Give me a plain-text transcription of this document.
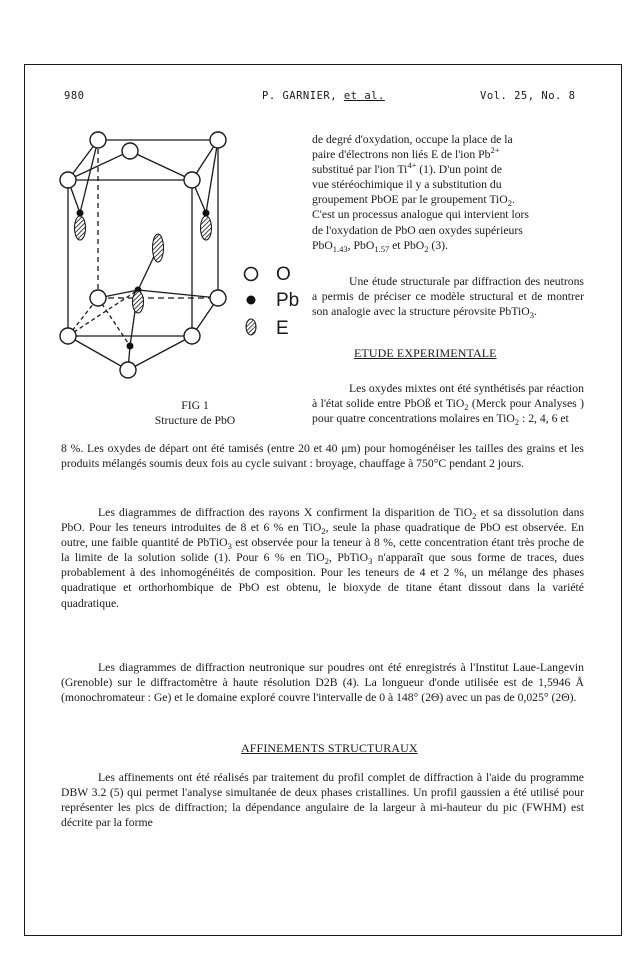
980	P. GARNIER, et al.	Vol. 25, No. 8
O
Pb
E
FIG 1
Structure de PbO
de degré d'oxydation, occupe la place de la
paire d'électrons non liés E de l'ion $Pb^{2+}$
substitué par l'ion $Ti^{4+}$ (1). D'un point de
vue stéréochimique il y a substitution du
groupement PbOE par le groupement TiO$_2$.
C'est un processus analogue qui intervient lors
de l'oxydation de PbO αen oxydes supérieurs
PbO$_{1.43}$, PbO$_{1.57}$ et PbO$_2$ (3).
Une étude structurale par diffraction des neutrons a permis de préciser ce modèle structural et de montrer son analogie avec la structure pérovsite PbTiO$_3$.
ETUDE EXPERIMENTALE
Les oxydes mixtes ont été synthétisés par réaction à l'état solide entre PbOß et TiO$_2$ (Merck pour Analyses ) pour quatre concentrations molaires en TiO$_2$ : 2, 4, 6 et
8 %. Les oxydes de départ ont été tamisés (entre 20 et 40 μm) pour homogénéiser les tailles des grains et les produits mélangés soumis deux fois au cycle suivant : broyage, chauffage à 750°C pendant 2 jours.
Les diagrammes de diffraction des rayons X confirment la disparition de TiO$_2$ et sa dissolution dans PbO. Pour les teneurs introduites de 8 et 6 % en TiO$_2$, seule la phase quadratique de PbO est observée. En outre, une faible quantité de PbTiO$_3$ est observée pour la teneur à 8 %, cette concentration étant très proche de la limite de la solution solide (1). Pour 6 % en TiO$_2$, PbTiO$_3$ n'apparaît que sous forme de traces, dues probablement à des inhomogénéités de composition. Pour les teneurs de 4 et 2 %, un mélange des phases quadratique et orthorhombique de PbO est obtenu, le bioxyde de titane étant dissout dans la variété quadratique.
Les diagrammes de diffraction neutronique sur poudres ont été enregistrés à l'Institut Laue-Langevin (Grenoble) sur le diffractomètre à haute résolution D2B (4). La longueur d'onde utilisée est de 1,5946 Å (monochromateur : Ge) et le domaine exploré couvre l'intervalle de 0 à 148° (2Θ) avec un pas de 0,025° (2Θ).
AFFINEMENTS STRUCTURAUX
Les affinements ont été réalisés par traitement du profil complet de diffraction à l'aide du programme DBW 3.2 (5) qui permet l'analyse simultanée de deux phases cristallines. Un profil gaussien a été utilisé pour représenter les pics de diffraction; la dépendance angulaire de la largeur à mi-hauteur du pic (FWHM) est décrite par la forme
